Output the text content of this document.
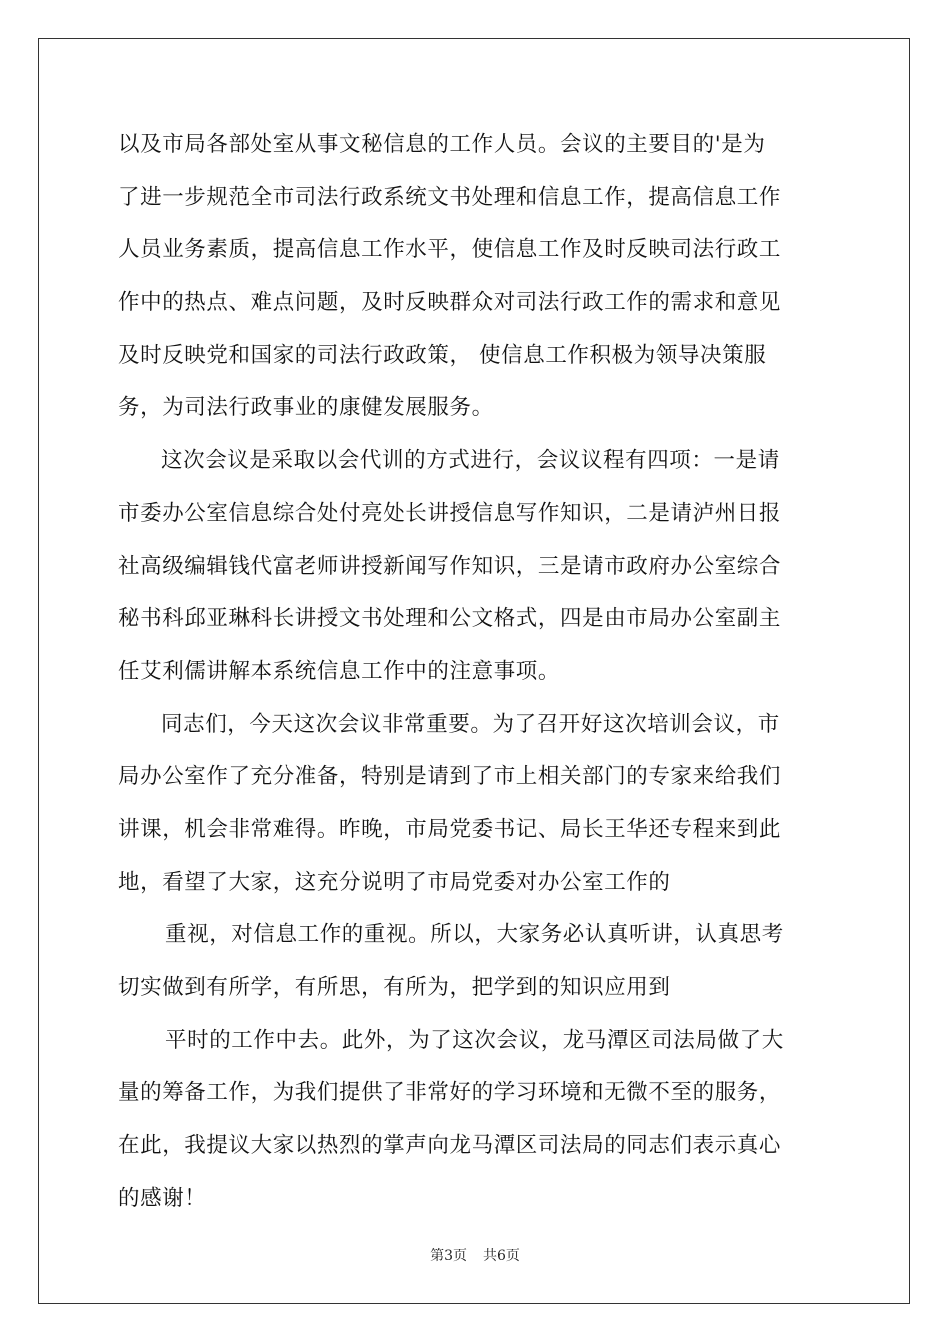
以及市局各部处室从事文秘信息的工作人员。会议的主要目的'是为
了进一步规范全市司法行政系统文书处理和信息工作，提高信息工作
人员业务素质，提高信息工作水平，使信息工作及时反映司法行政工
作中的热点、难点问题，及时反映群众对司法行政工作的需求和意见
及时反映党和国家的司法行政政策， 使信息工作积极为领导决策服
务，为司法行政事业的康健发展服务。
这次会议是采取以会代训的方式进行，会议议程有四项：一是请
市委办公室信息综合处付亮处长讲授信息写作知识，二是请泸州日报
社高级编辑钱代富老师讲授新闻写作知识，三是请市政府办公室综合
秘书科邱亚琳科长讲授文书处理和公文格式，四是由市局办公室副主
任艾利儒讲解本系统信息工作中的注意事项。
同志们，今天这次会议非常重要。为了召开好这次培训会议，市
局办公室作了充分准备，特别是请到了市上相关部门的专家来给我们
讲课，机会非常难得。昨晚，市局党委书记、局长王华还专程来到此
地，看望了大家，这充分说明了市局党委对办公室工作的
重视，对信息工作的重视。所以，大家务必认真听讲，认真思考
切实做到有所学，有所思，有所为，把学到的知识应用到
平时的工作中去。此外，为了这次会议，龙马潭区司法局做了大
量的筹备工作，为我们提供了非常好的学习环境和无微不至的服务，
在此，我提议大家以热烈的掌声向龙马潭区司法局的同志们表示真心
的感谢！
第3页 共6页
